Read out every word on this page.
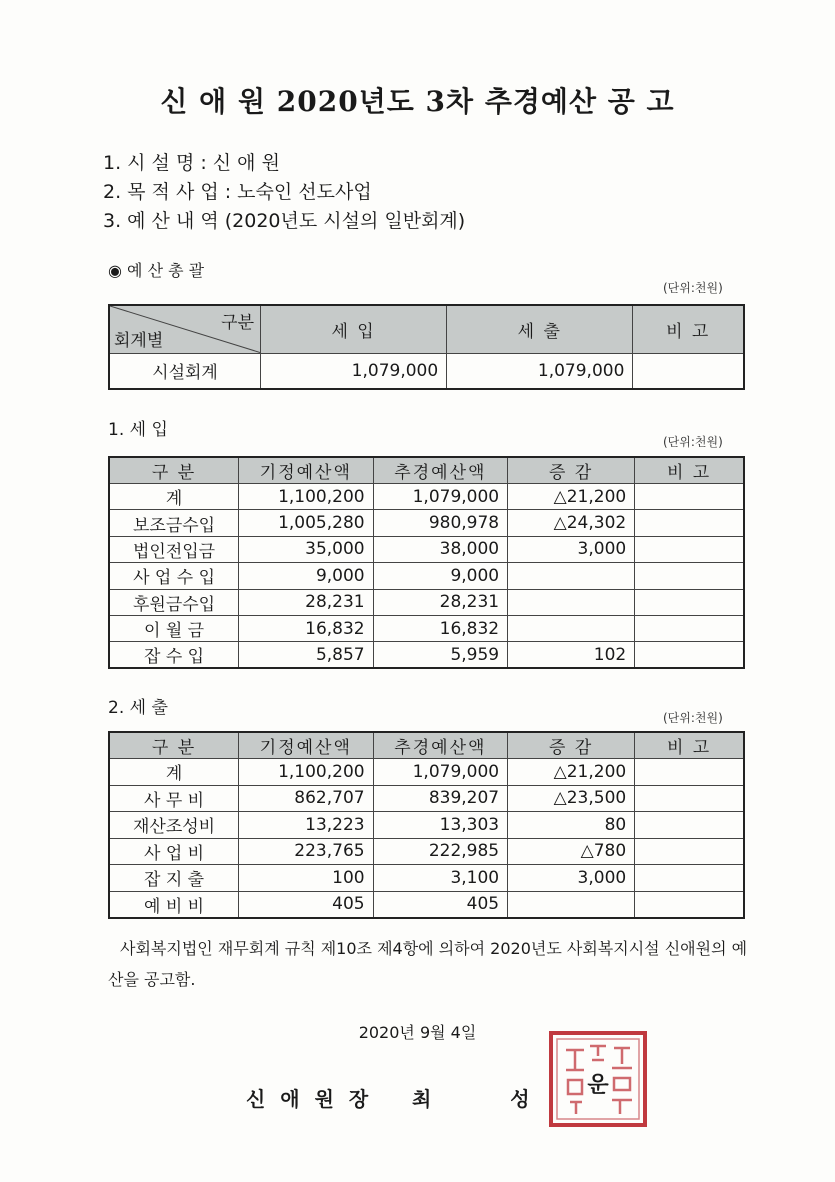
신 애 원 2020년도 3차 추경예산 공 고
1. 시 설 명 : 신 애 원
2. 목 적 사 업 : 노숙인 선도사업
3. 예 산 내 역 (2020년도 시설의 일반회계)
◉ 예 산 총 괄
(단위:천원)
구분
회계별	세 입	세 출	비 고
시설회계	1,079,000	1,079,000	
1. 세 입
(단위:천원)
구 분	기정예산액	추경예산액	증 감	비 고
계	1,100,200	1,079,000	△21,200	
보조금수입	1,005,280	980,978	△24,302	
법인전입금	35,000	38,000	3,000	
사 업 수 입	9,000	9,000		
후원금수입	28,231	28,231		
이 월 금	16,832	16,832		
잡 수 입	5,857	5,959	102	
2. 세 출	(단위:천원)
구 분	기정예산액	추경예산액	증 감	비 고
계	1,100,200	1,079,000	△21,200	
사 무 비	862,707	839,207	△23,500	
재산조성비	13,223	13,303	80	
사 업 비	223,765	222,985	△780	
잡 지 출	100	3,100	3,000	
예 비 비	405	405		
사회복지법인 재무회계 규칙 제10조 제4항에 의하여 2020년도 사회복지시설 신애원의 예산을 공고함.
2020년 9월 4일
신 애 원 장 최 성
운
